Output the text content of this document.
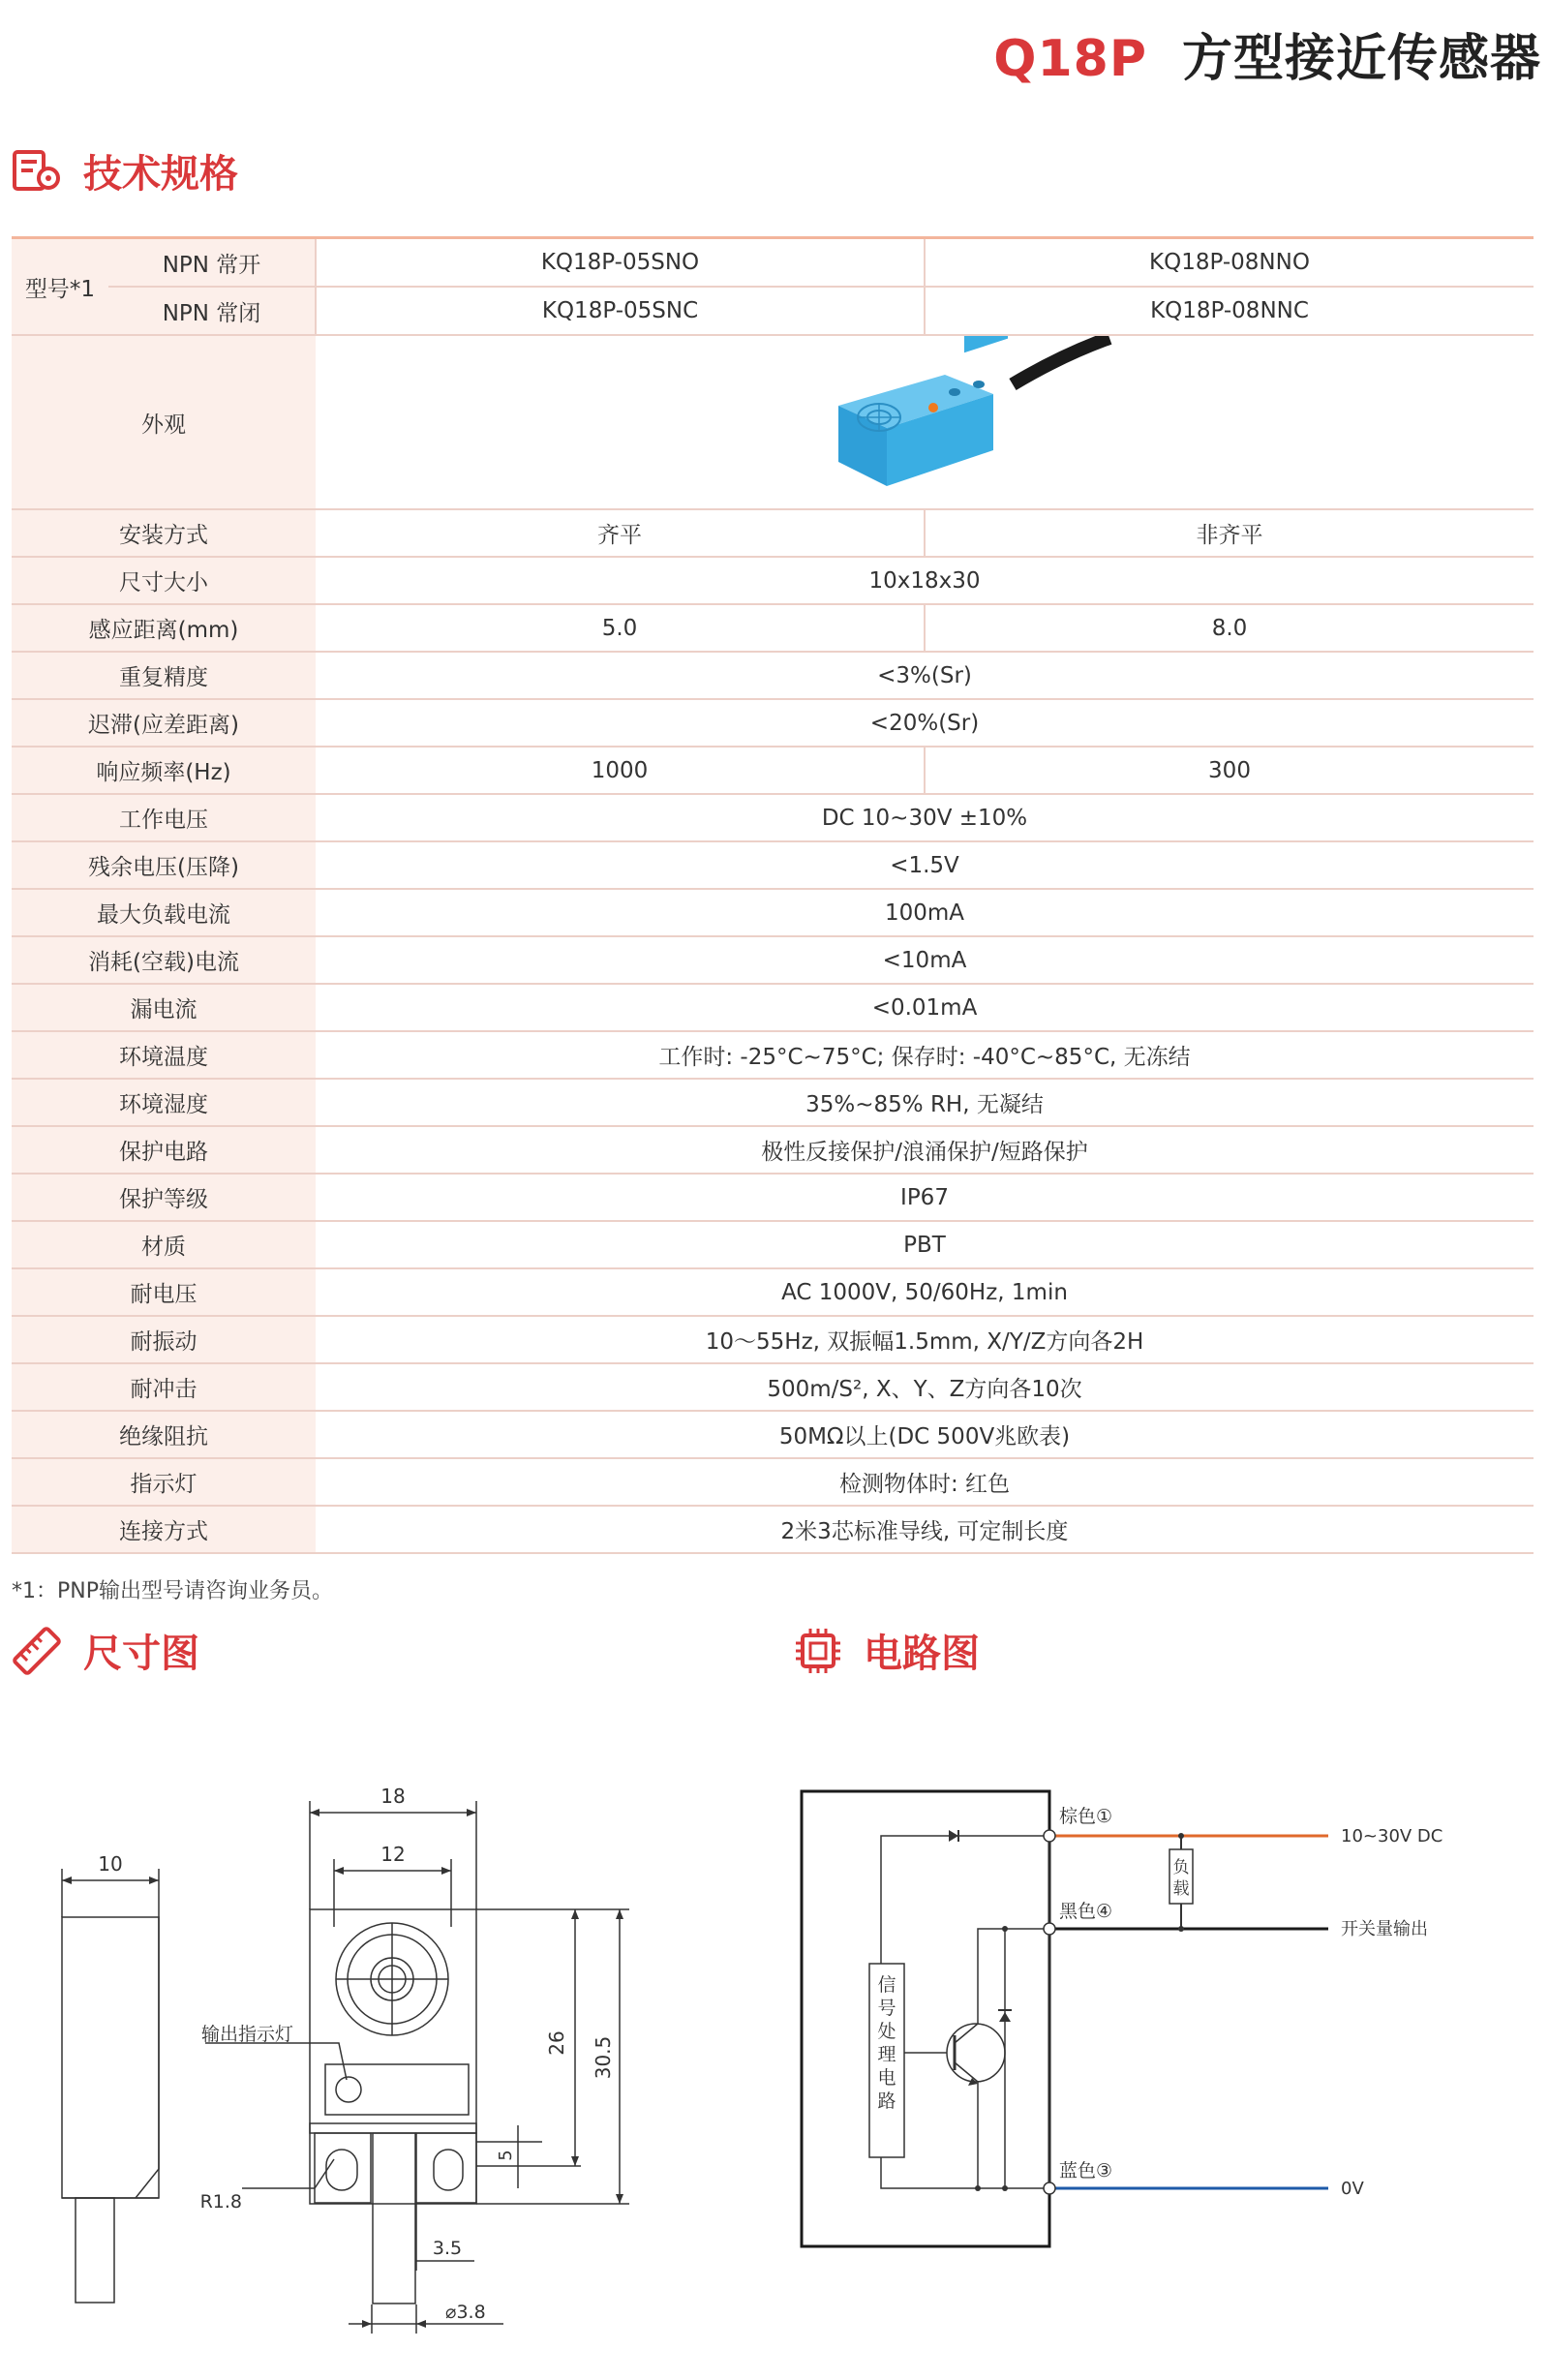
Q18P 方型接近传感器
技术规格
型号*1	NPN 常开	KQ18P-05SNO	KQ18P-08NNO
	NPN 常闭	KQ18P-05SNC	KQ18P-08NNC
外观	

安装方式		齐平	非齐平
尺寸大小		10x18x30	
感应距离(mm)		5.0	8.0
重复精度		<3%(Sr)	
迟滞(应差距离)		<20%(Sr)	
响应频率(Hz)		1000	300
工作电压		DC 10~30V ±10%	
残余电压(压降)		<1.5V	
最大负载电流		100mA	
消耗(空载)电流		<10mA	
漏电流		<0.01mA	
环境温度		工作时: -25°C~75°C; 保存时: -40°C~85°C, 无冻结	
环境湿度		35%~85% RH, 无凝结	
保护电路		极性反接保护/浪涌保护/短路保护	
保护等级		IP67	
材质		PBT	
耐电压		AC 1000V, 50/60Hz, 1min	
耐振动		10～55Hz, 双振幅1.5mm, X/Y/Z方向各2H	
耐冲击		500m/S², X、Y、Z方向各10次	
绝缘阻抗		50MΩ以上(DC 500V兆欧表)	
指示灯		检测物体时: 红色	
连接方式		2米3芯标准导线, 可定制长度	
*1：PNP输出型号请咨询业务员。
尺寸图	电路图
10
18
12
26 30.5
5
输出指示灯
R1.8
3.5
⌀3.8
棕色①
黑色④
蓝色③
10~30V DC
开关量输出
0V
负
载
信
号
处
理
电
路
